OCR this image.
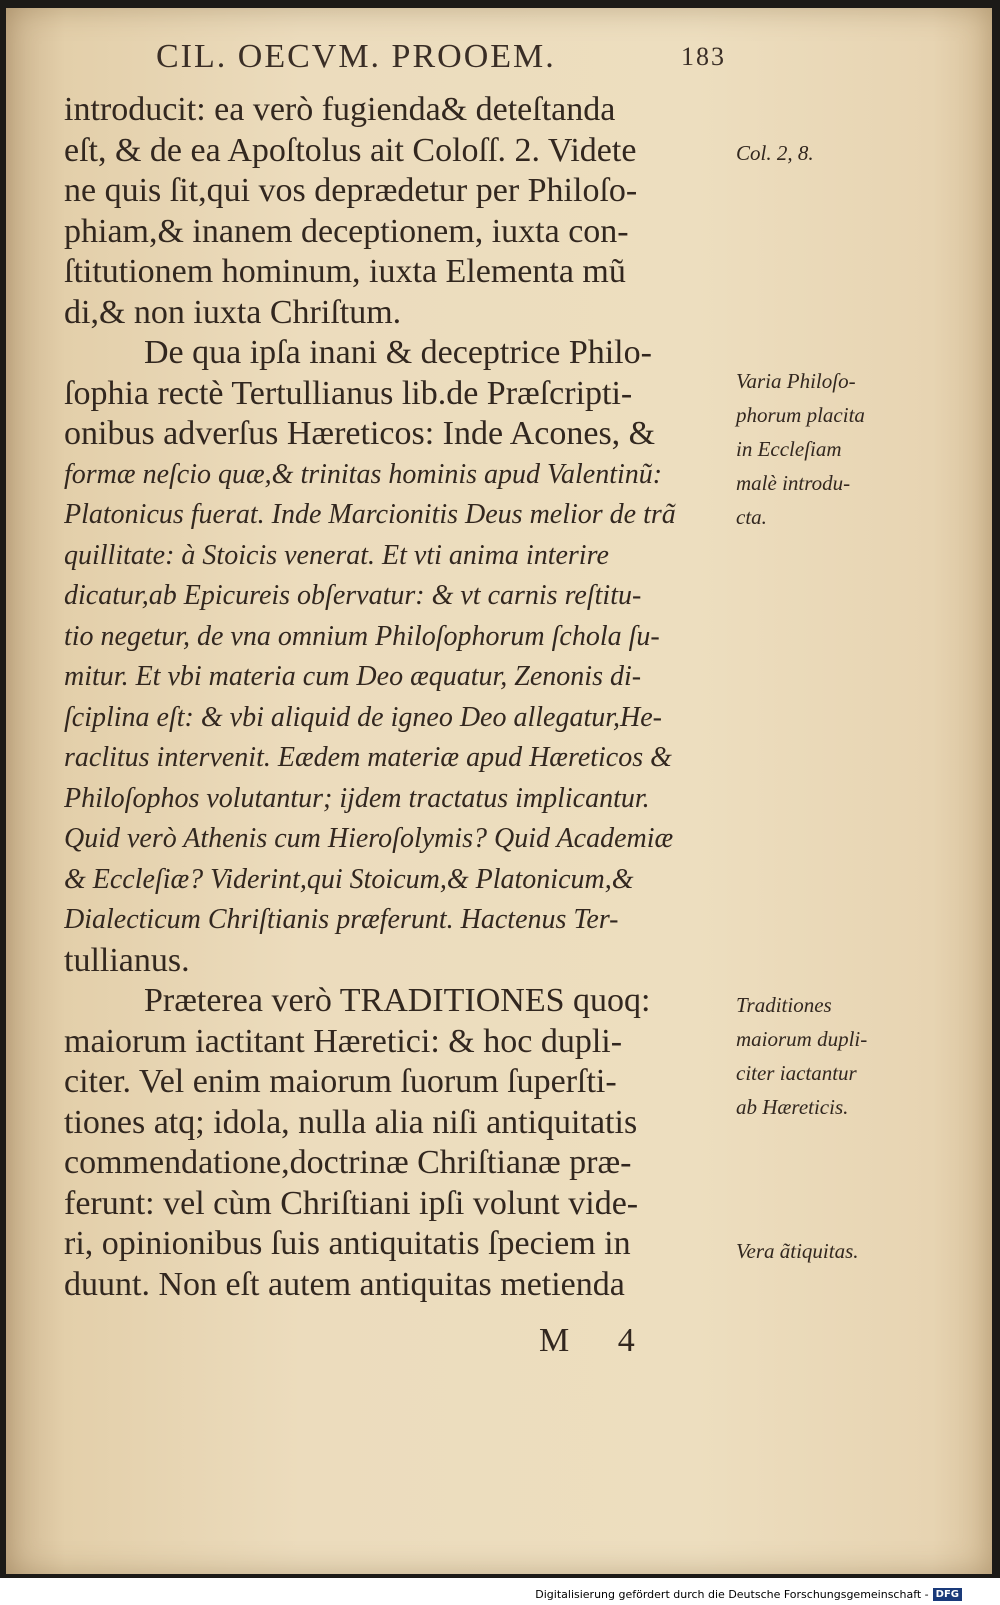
CIL. OECVM. PROOEM.	183
introducit: ea verò fugienda& deteſtanda
eſt, & de ea Apoſtolus ait Coloſſ. 2. Videte
ne quis ſit,qui vos deprædetur per Philoſo-
phiam,& inanem deceptionem, iuxta con-
ſtitutionem hominum, iuxta Elementa mũ
di,& non iuxta Chriſtum.
De qua ipſa inani & deceptrice Philo-
ſophia rectè Tertullianus lib.de Præſcripti-
onibus adverſus Hæreticos: Inde Acones, &
formæ neſcio quæ,& trinitas hominis apud Valentinũ:
Platonicus fuerat. Inde Marcionitis Deus melior de trã
quillitate: à Stoicis venerat. Et vti anima interire
dicatur,ab Epicureis obſervatur: & vt carnis reſtitu-
tio negetur, de vna omnium Philoſophorum ſchola ſu-
mitur. Et vbi materia cum Deo æquatur, Zenonis di-
ſciplina eſt: & vbi aliquid de igneo Deo allegatur,He-
raclitus intervenit. Eædem materiæ apud Hæreticos &
Philoſophos volutantur; ijdem tractatus implicantur.
Quid verò Athenis cum Hieroſolymis? Quid Academiæ
& Eccleſiæ? Viderint,qui Stoicum,& Platonicum,&
Dialecticum Chriſtianis præferunt. Hactenus Ter-
tullianus.
Præterea verò TRADITIONES quoq:
maiorum iactitant Hæretici: & hoc dupli-
citer. Vel enim maiorum ſuorum ſuperſti-
tiones atq; idola, nulla alia niſi antiquitatis
commendatione,doctrinæ Chriſtianæ præ-
ferunt: vel cùm Chriſtiani ipſi volunt vide-
ri, opinionibus ſuis antiquitatis ſpeciem in
duunt. Non eſt autem antiquitas metienda
Col. 2, 8.
Varia Philoſo-
phorum placita
in Eccleſiam
malè introdu-
cta.
Traditiones
maiorum dupli-
citer iactantur
ab Hæreticis.
Vera ãtiquitas.
M 4
Digitalisierung gefördert durch die Deutsche Forschungsgemeinschaft - DFG
